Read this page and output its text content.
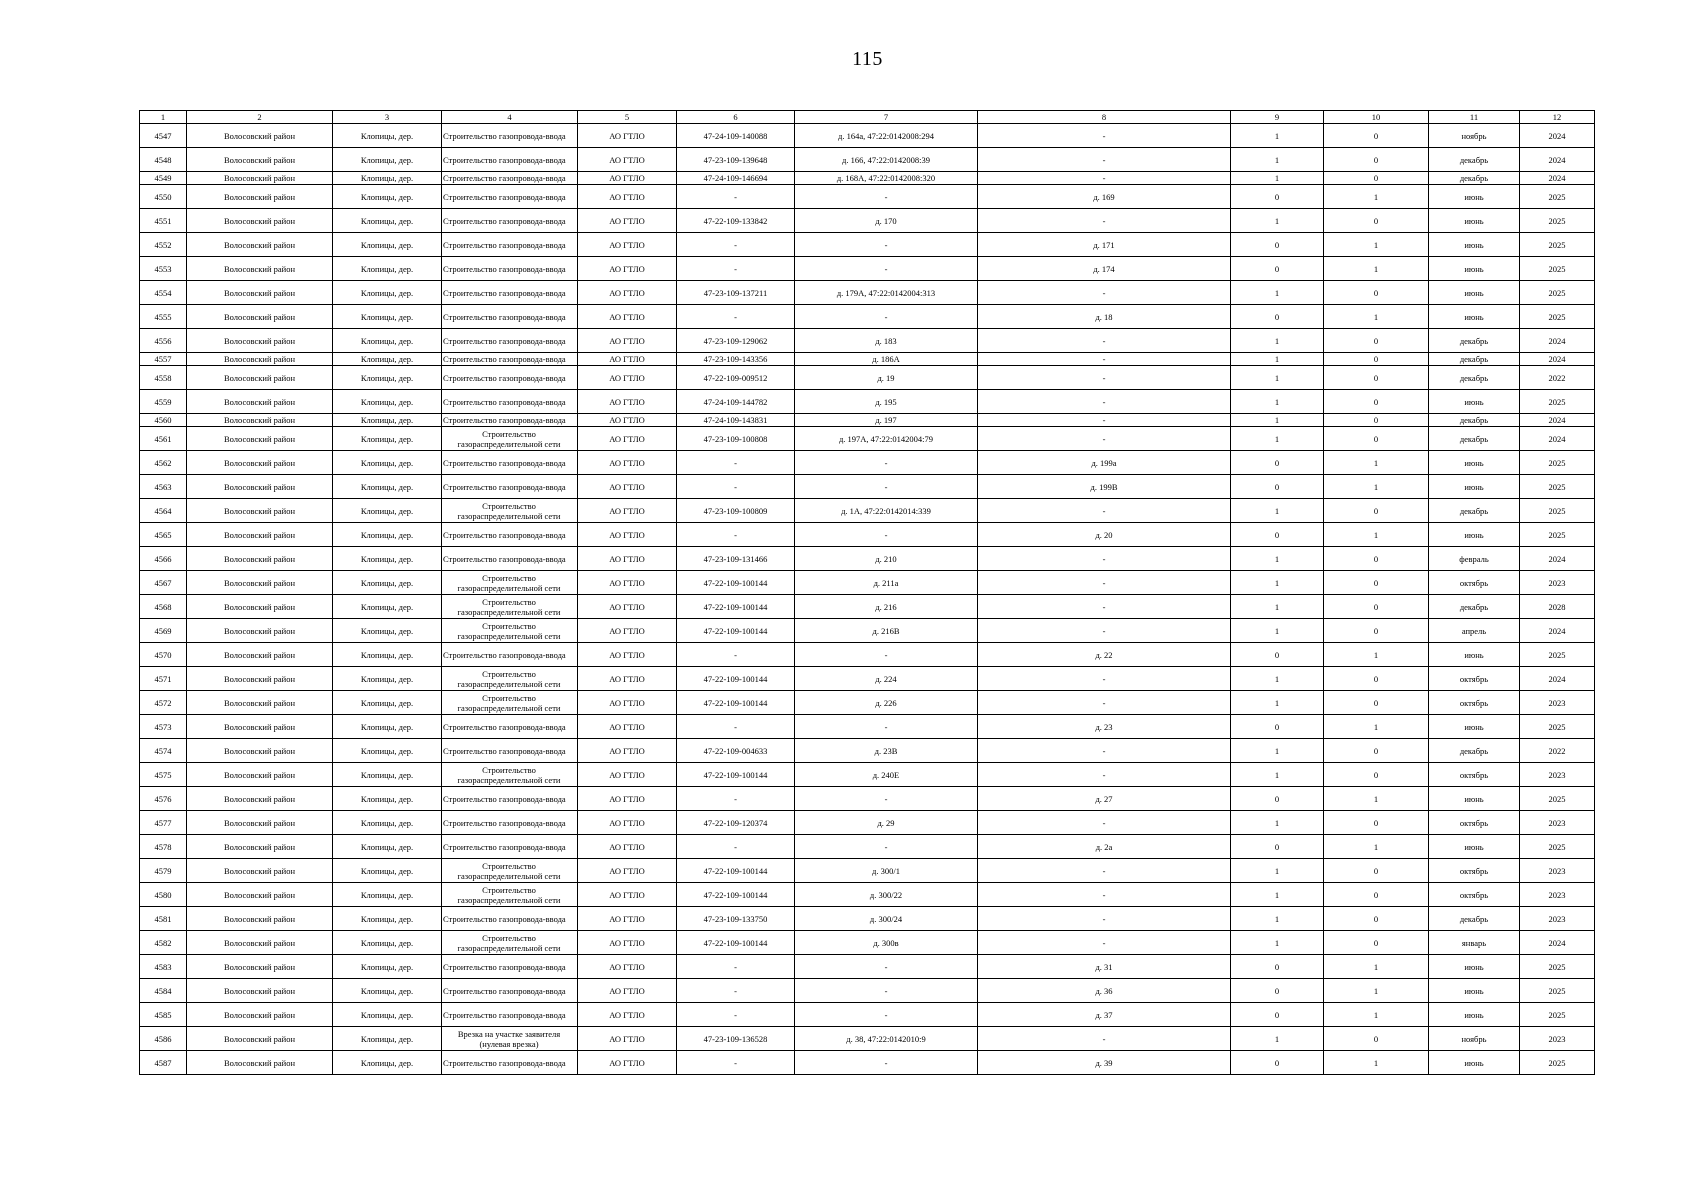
115
1	2	3	4	5	6	7	8	9	10	11	12
4547	Волосовский район	Клопицы, дер.	Строительство газопровода-ввода	АО ГТЛО	47-24-109-140088	д. 164а, 47:22:0142008:294	-	1	0	ноябрь	2024
4548	Волосовский район	Клопицы, дер.	Строительство газопровода-ввода	АО ГТЛО	47-23-109-139648	д. 166, 47:22:0142008:39	-	1	0	декабрь	2024
4549	Волосовский район	Клопицы, дер.	Строительство газопровода-ввода	АО ГТЛО	47-24-109-146694	д. 168А, 47:22:0142008:320	-	1	0	декабрь	2024
4550	Волосовский район	Клопицы, дер.	Строительство газопровода-ввода	АО ГТЛО	-	-	д. 169	0	1	июнь	2025
4551	Волосовский район	Клопицы, дер.	Строительство газопровода-ввода	АО ГТЛО	47-22-109-133842	д. 170	-	1	0	июнь	2025
4552	Волосовский район	Клопицы, дер.	Строительство газопровода-ввода	АО ГТЛО	-	-	д. 171	0	1	июнь	2025
4553	Волосовский район	Клопицы, дер.	Строительство газопровода-ввода	АО ГТЛО	-	-	д. 174	0	1	июнь	2025
4554	Волосовский район	Клопицы, дер.	Строительство газопровода-ввода	АО ГТЛО	47-23-109-137211	д. 179А, 47:22:0142004:313	-	1	0	июнь	2025
4555	Волосовский район	Клопицы, дер.	Строительство газопровода-ввода	АО ГТЛО	-	-	д. 18	0	1	июнь	2025
4556	Волосовский район	Клопицы, дер.	Строительство газопровода-ввода	АО ГТЛО	47-23-109-129062	д. 183	-	1	0	декабрь	2024
4557	Волосовский район	Клопицы, дер.	Строительство газопровода-ввода	АО ГТЛО	47-23-109-143356	д. 186А	-	1	0	декабрь	2024
4558	Волосовский район	Клопицы, дер.	Строительство газопровода-ввода	АО ГТЛО	47-22-109-009512	д. 19	-	1	0	декабрь	2022
4559	Волосовский район	Клопицы, дер.	Строительство газопровода-ввода	АО ГТЛО	47-24-109-144782	д. 195	-	1	0	июнь	2025
4560	Волосовский район	Клопицы, дер.	Строительство газопровода-ввода	АО ГТЛО	47-24-109-143831	д. 197	-	1	0	декабрь	2024
4561	Волосовский район	Клопицы, дер.	Строительство газораспределительной сети	АО ГТЛО	47-23-109-100808	д. 197А, 47:22:0142004:79	-	1	0	декабрь	2024
4562	Волосовский район	Клопицы, дер.	Строительство газопровода-ввода	АО ГТЛО	-	-	д. 199а	0	1	июнь	2025
4563	Волосовский район	Клопицы, дер.	Строительство газопровода-ввода	АО ГТЛО	-	-	д. 199В	0	1	июнь	2025
4564	Волосовский район	Клопицы, дер.	Строительство газораспределительной сети	АО ГТЛО	47-23-109-100809	д. 1А, 47:22:0142014:339	-	1	0	декабрь	2025
4565	Волосовский район	Клопицы, дер.	Строительство газопровода-ввода	АО ГТЛО	-	-	д. 20	0	1	июнь	2025
4566	Волосовский район	Клопицы, дер.	Строительство газопровода-ввода	АО ГТЛО	47-23-109-131466	д. 210	-	1	0	февраль	2024
4567	Волосовский район	Клопицы, дер.	Строительство газораспределительной сети	АО ГТЛО	47-22-109-100144	д. 211а	-	1	0	октябрь	2023
4568	Волосовский район	Клопицы, дер.	Строительство газораспределительной сети	АО ГТЛО	47-22-109-100144	д. 216	-	1	0	декабрь	2028
4569	Волосовский район	Клопицы, дер.	Строительство газораспределительной сети	АО ГТЛО	47-22-109-100144	д. 216В	-	1	0	апрель	2024
4570	Волосовский район	Клопицы, дер.	Строительство газопровода-ввода	АО ГТЛО	-	-	д. 22	0	1	июнь	2025
4571	Волосовский район	Клопицы, дер.	Строительство газораспределительной сети	АО ГТЛО	47-22-109-100144	д. 224	-	1	0	октябрь	2024
4572	Волосовский район	Клопицы, дер.	Строительство газораспределительной сети	АО ГТЛО	47-22-109-100144	д. 226	-	1	0	октябрь	2023
4573	Волосовский район	Клопицы, дер.	Строительство газопровода-ввода	АО ГТЛО	-	-	д. 23	0	1	июнь	2025
4574	Волосовский район	Клопицы, дер.	Строительство газопровода-ввода	АО ГТЛО	47-22-109-004633	д. 23В	-	1	0	декабрь	2022
4575	Волосовский район	Клопицы, дер.	Строительство газораспределительной сети	АО ГТЛО	47-22-109-100144	д. 240Е	-	1	0	октябрь	2023
4576	Волосовский район	Клопицы, дер.	Строительство газопровода-ввода	АО ГТЛО	-	-	д. 27	0	1	июнь	2025
4577	Волосовский район	Клопицы, дер.	Строительство газопровода-ввода	АО ГТЛО	47-22-109-120374	д. 29	-	1	0	октябрь	2023
4578	Волосовский район	Клопицы, дер.	Строительство газопровода-ввода	АО ГТЛО	-	-	д. 2а	0	1	июнь	2025
4579	Волосовский район	Клопицы, дер.	Строительство газораспределительной сети	АО ГТЛО	47-22-109-100144	д. 300/1	-	1	0	октябрь	2023
4580	Волосовский район	Клопицы, дер.	Строительство газораспределительной сети	АО ГТЛО	47-22-109-100144	д. 300/22	-	1	0	октябрь	2023
4581	Волосовский район	Клопицы, дер.	Строительство газопровода-ввода	АО ГТЛО	47-23-109-133750	д. 300/24	-	1	0	декабрь	2023
4582	Волосовский район	Клопицы, дер.	Строительство газораспределительной сети	АО ГТЛО	47-22-109-100144	д. 300в	-	1	0	январь	2024
4583	Волосовский район	Клопицы, дер.	Строительство газопровода-ввода	АО ГТЛО	-	-	д. 31	0	1	июнь	2025
4584	Волосовский район	Клопицы, дер.	Строительство газопровода-ввода	АО ГТЛО	-	-	д. 36	0	1	июнь	2025
4585	Волосовский район	Клопицы, дер.	Строительство газопровода-ввода	АО ГТЛО	-	-	д. 37	0	1	июнь	2025
4586	Волосовский район	Клопицы, дер.	Врезка на участке заявителя (нулевая врезка)	АО ГТЛО	47-23-109-136528	д. 38, 47:22:0142010:9	-	1	0	ноябрь	2023
4587	Волосовский район	Клопицы, дер.	Строительство газопровода-ввода	АО ГТЛО	-	-	д. 39	0	1	июнь	2025
